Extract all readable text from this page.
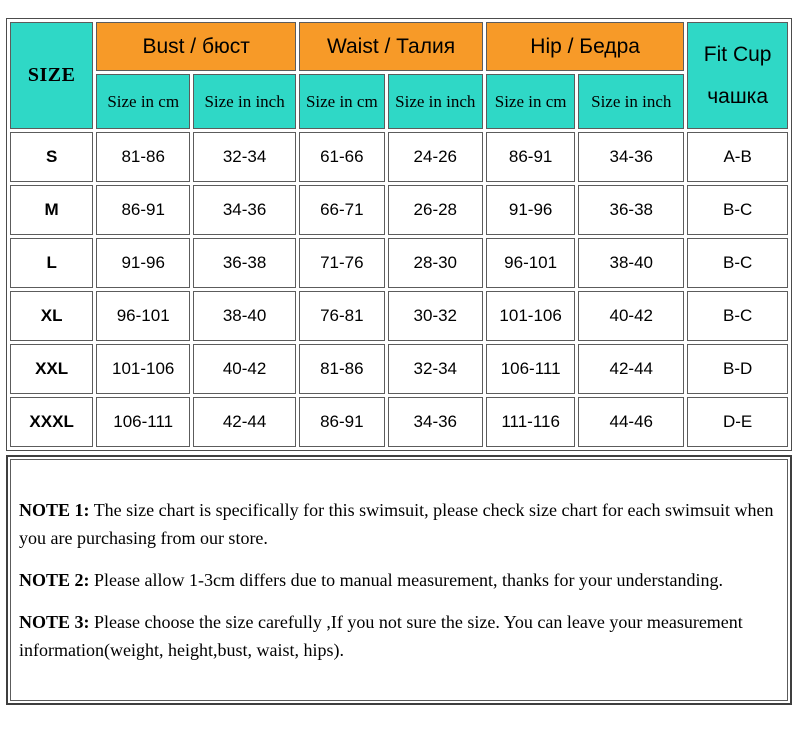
SIZE	Bust / бюст		Waist / Талия		Hip / Бедра		Fit Cup
чашка

	Size in cm	Size in inch	Size in cm	Size in inch	Size in cm	Size in inch	
S	81-86	32-34	61-66	24-26	86-91	34-36	A-B
M	86-91	34-36	66-71	26-28	91-96	36-38	B-C
L	91-96	36-38	71-76	28-30	96-101	38-40	B-C
XL	96-101	38-40	76-81	30-32	101-106	40-42	B-C
XXL	101-106	40-42	81-86	32-34	106-111	42-44	B-D
XXXL	106-111	42-44	86-91	34-36	111-116	44-46	D-E

NOTE 1: The size chart is specifically for this swimsuit, please check size chart for each swimsuit when you are purchasing from our store.

NOTE 2: Please allow 1-3cm differs due to manual measurement, thanks for your understanding.

NOTE 3: Please choose the size carefully ,If you not sure the size. You can leave your measurement information(weight, height,bust, waist, hips).
